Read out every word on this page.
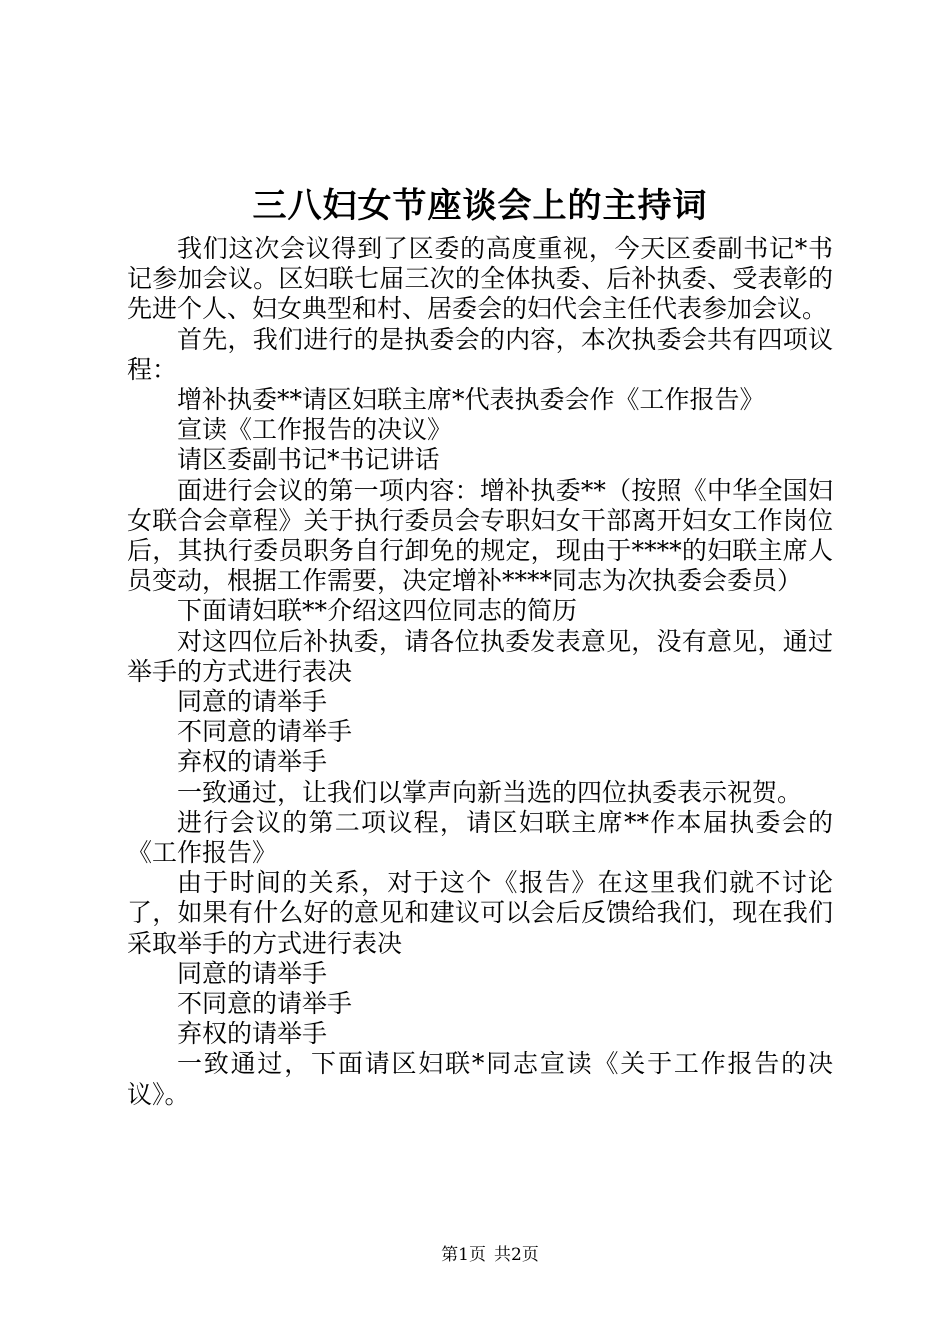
三八妇女节座谈会上的主持词

我们这次会议得到了区委的高度重视，今天区委副书记*书记参加会议。区妇联七届三次的全体执委、后补执委、受表彰的先进个人、妇女典型和村、居委会的妇代会主任代表参加会议。

首先，我们进行的是执委会的内容，本次执委会共有四项议程：

增补执委**请区妇联主席*代表执委会作《工作报告》

宣读《工作报告的决议》

请区委副书记*书记讲话

面进行会议的第一项内容：增补执委**（按照《中华全国妇女联合会章程》关于执行委员会专职妇女干部离开妇女工作岗位后，其执行委员职务自行卸免的规定，现由于****的妇联主席人员变动，根据工作需要，决定增补****同志为次执委会委员）

下面请妇联**介绍这四位同志的简历

对这四位后补执委，请各位执委发表意见，没有意见，通过举手的方式进行表决

同意的请举手

不同意的请举手

弃权的请举手

一致通过，让我们以掌声向新当选的四位执委表示祝贺。

进行会议的第二项议程，请区妇联主席**作本届执委会的《工作报告》

由于时间的关系，对于这个《报告》在这里我们就不讨论了，如果有什么好的意见和建议可以会后反馈给我们，现在我们采取举手的方式进行表决

同意的请举手

不同意的请举手

弃权的请举手

一致通过，下面请区妇联*同志宣读《关于工作报告的决议》。

第1页 共2页
